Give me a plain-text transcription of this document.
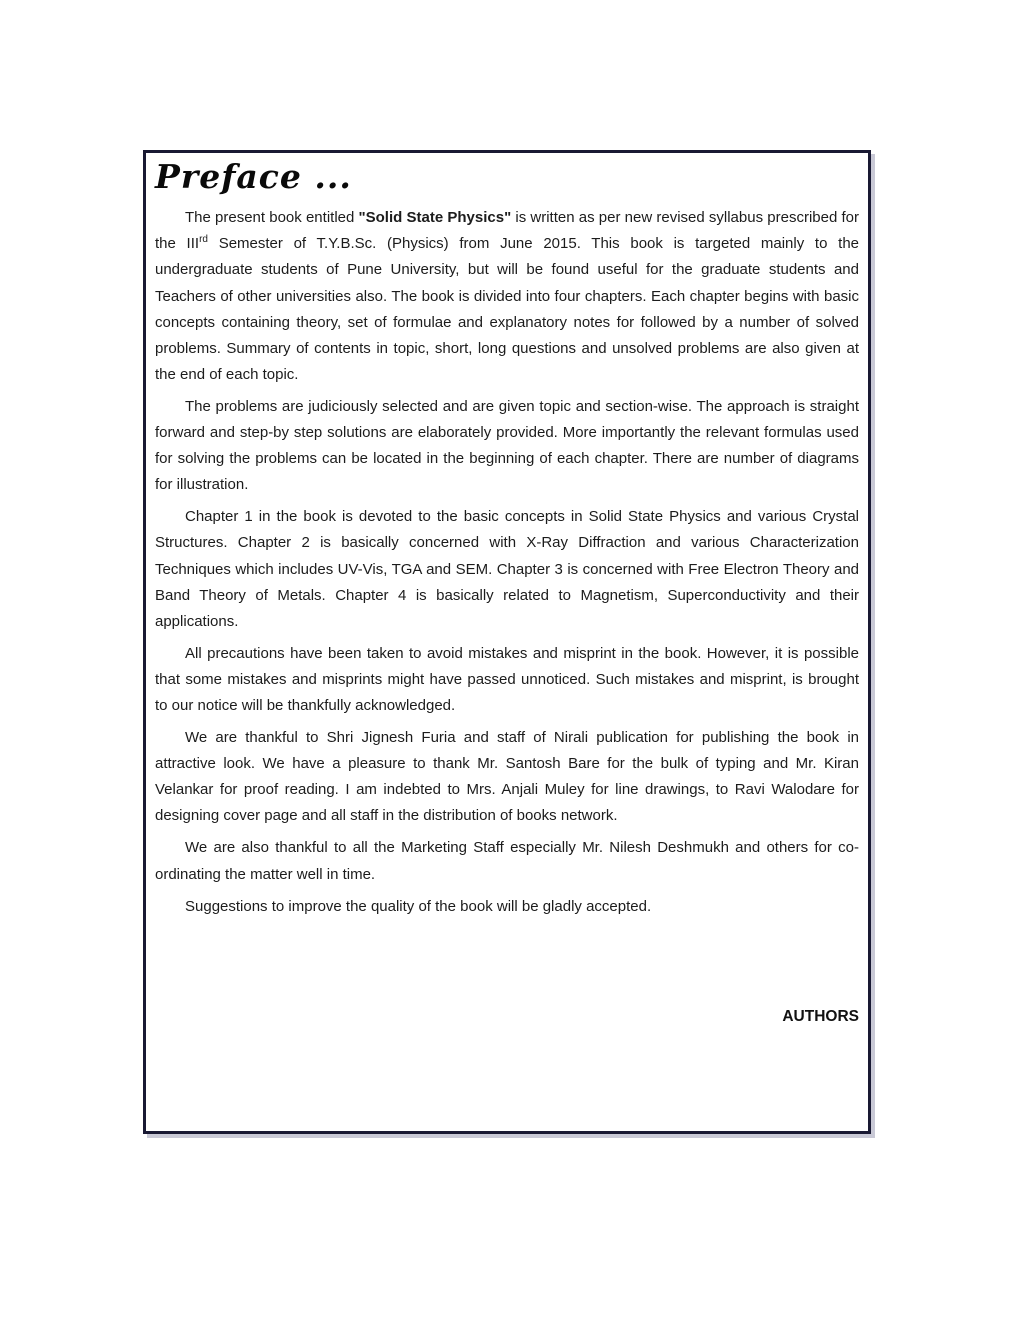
Preface ...

The present book entitled "Solid State Physics" is written as per new revised syllabus prescribed for the IIIrd Semester of T.Y.B.Sc. (Physics) from June 2015. This book is targeted mainly to the undergraduate students of Pune University, but will be found useful for the graduate students and Teachers of other universities also. The book is divided into four chapters. Each chapter begins with basic concepts containing theory, set of formulae and explanatory notes for followed by a number of solved problems. Summary of contents in topic, short, long questions and unsolved problems are also given at the end of each topic.

The problems are judiciously selected and are given topic and section-wise. The approach is straight forward and step-by step solutions are elaborately provided. More importantly the relevant formulas used for solving the problems can be located in the beginning of each chapter. There are number of diagrams for illustration.

Chapter 1 in the book is devoted to the basic concepts in Solid State Physics and various Crystal Structures. Chapter 2 is basically concerned with X-Ray Diffraction and various Characterization Techniques which includes UV-Vis, TGA and SEM. Chapter 3 is concerned with Free Electron Theory and Band Theory of Metals. Chapter 4 is basically related to Magnetism, Superconductivity and their applications.

All precautions have been taken to avoid mistakes and misprint in the book. However, it is possible that some mistakes and misprints might have passed unnoticed. Such mistakes and misprint, is brought to our notice will be thankfully acknowledged.

We are thankful to Shri Jignesh Furia and staff of Nirali publication for publishing the book in attractive look. We have a pleasure to thank Mr. Santosh Bare for the bulk of typing and Mr. Kiran Velankar for proof reading. I am indebted to Mrs. Anjali Muley for line drawings, to Ravi Walodare for designing cover page and all staff in the distribution of books network.

We are also thankful to all the Marketing Staff especially Mr. Nilesh Deshmukh and others for co-ordinating the matter well in time.

Suggestions to improve the quality of the book will be gladly accepted.

AUTHORS
